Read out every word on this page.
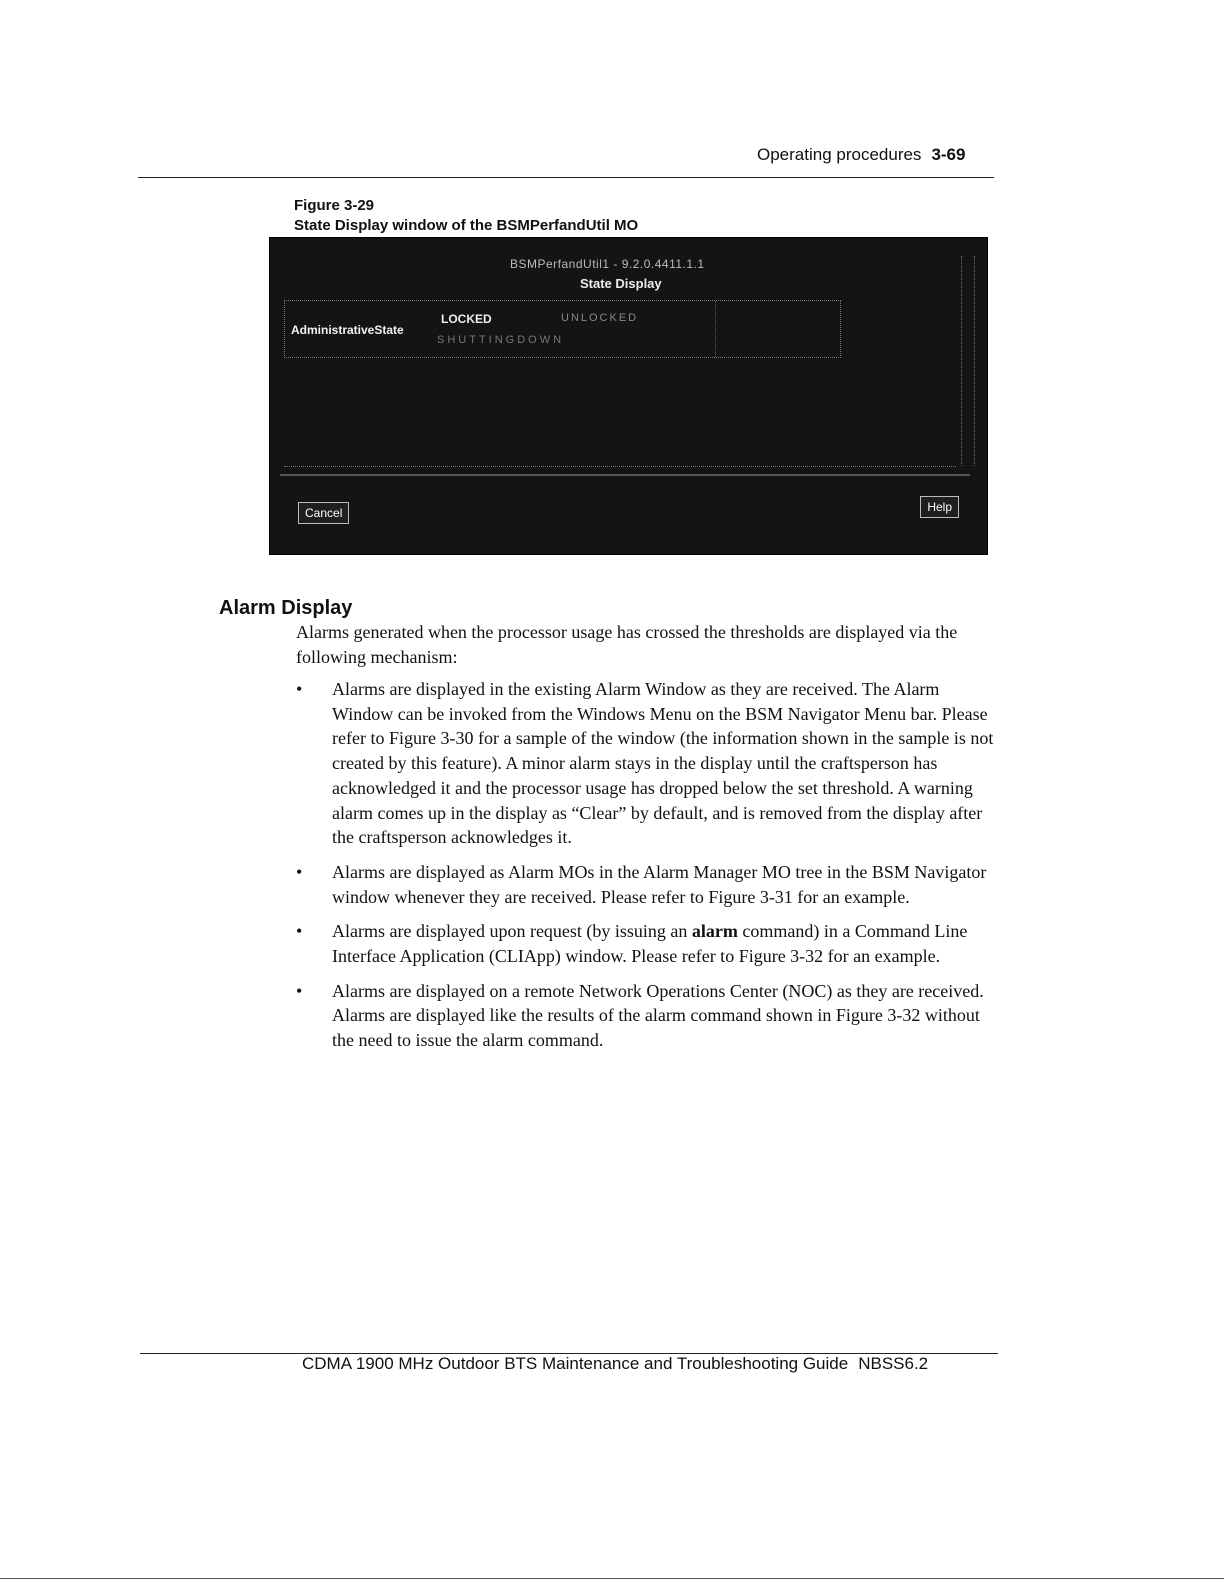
Operating procedures 3-69
Figure 3-29
State Display window of the BSMPerfandUtil MO
BSMPerfandUtil1 - 9.2.0.4411.1.1
State Display
AdministrativeState
LOCKED	UNLOCKED
SHUTTINGDOWN
Cancel	Help
Alarm Display
Alarms generated when the processor usage has crossed the thresholds are displayed via the following mechanism:
• Alarms are displayed in the existing Alarm Window as they are received. The Alarm Window can be invoked from the Windows Menu on the BSM Navigator Menu bar. Please refer to Figure 3-30 for a sample of the window (the information shown in the sample is not created by this feature). A minor alarm stays in the display until the craftsperson has acknowledged it and the processor usage has dropped below the set threshold. A warning alarm comes up in the display as “Clear” by default, and is removed from the display after the craftsperson acknowledges it.
• Alarms are displayed as Alarm MOs in the Alarm Manager MO tree in the BSM Navigator window whenever they are received. Please refer to Figure 3-31 for an example.
• Alarms are displayed upon request (by issuing an alarm command) in a Command Line Interface Application (CLIApp) window. Please refer to Figure 3-32 for an example.
• Alarms are displayed on a remote Network Operations Center (NOC) as they are received. Alarms are displayed like the results of the alarm command shown in Figure 3-32 without the need to issue the alarm command.
CDMA 1900 MHz Outdoor BTS Maintenance and Troubleshooting Guide NBSS6.2
